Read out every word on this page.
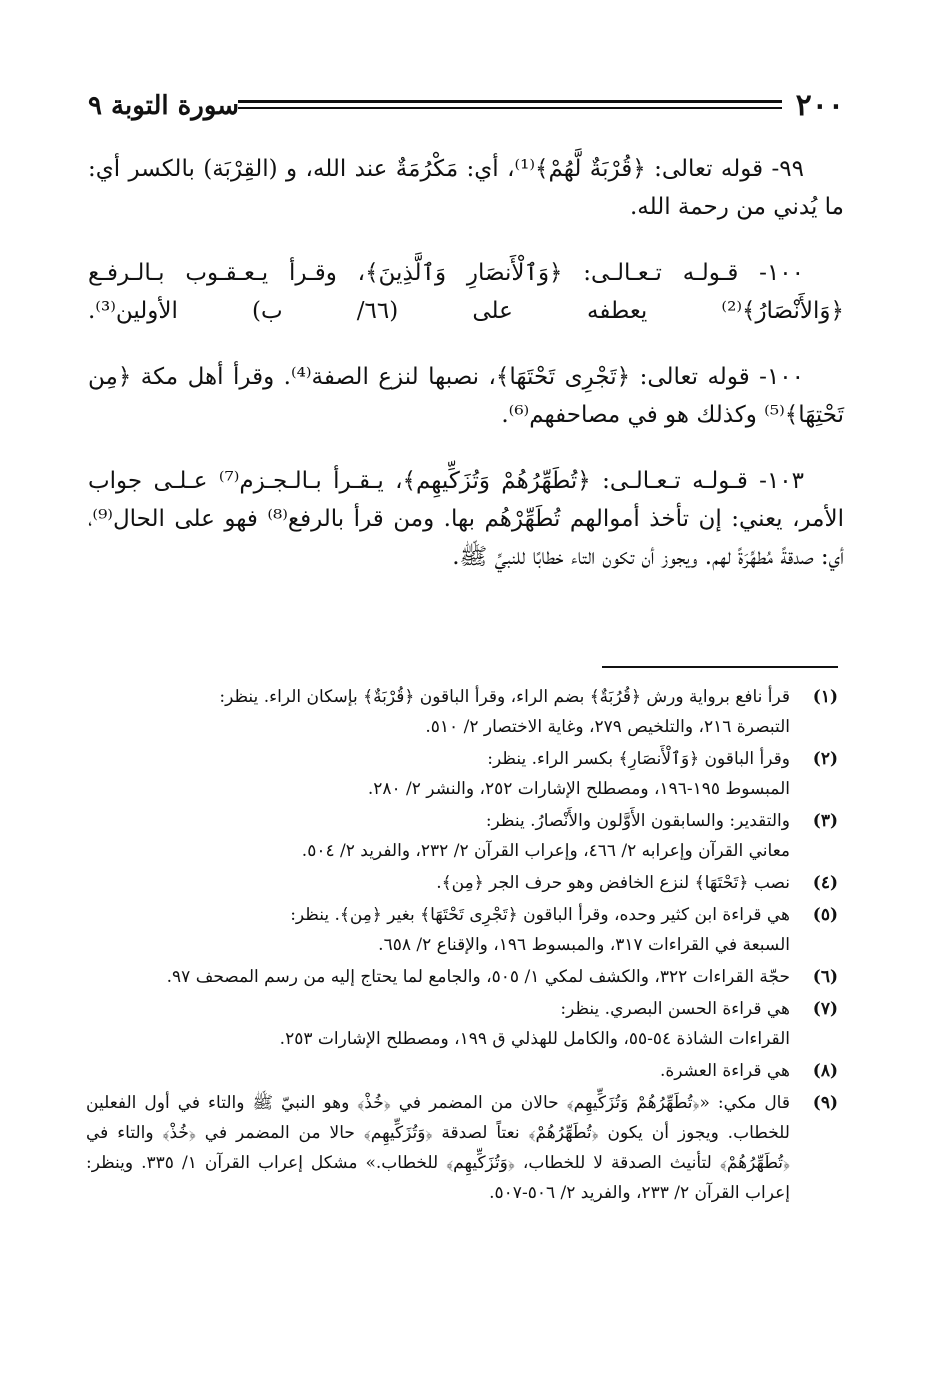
٢٠٠
سورة التوبة ٩

٩٩- قوله تعالى: ﴿قُرْبَةٌ لَّهُمْ﴾⁽¹⁾، أي: مَكْرُمَةٌ عند الله، و (القِرْبَة) بالكسر أي: ما يُدني من رحمة الله.

١٠٠- قـولـه تـعـالـى: ﴿وَٱلْأَنصَارِ وَٱلَّذِينَ﴾، وقـرأ يـعـقـوب بـالـرفـع ﴿وَالأَنْصَارُ﴾⁽²⁾ يعطفه على (٦٦/ ب) الأولين⁽³⁾.

١٠٠- قوله تعالى: ﴿تَجْرِى تَحْتَهَا﴾، نصبها لنزع الصفة⁽⁴⁾. وقرأ أهل مكة ﴿مِن تَحْتِهَا﴾⁽⁵⁾ وكذلك هو في مصاحفهم⁽⁶⁾.

١٠٣- قـولـه تـعـالـى: ﴿تُطَهِّرُهُمْ وَتُزَكِّيهِم﴾، يـقـرأ بـالـجـزم⁽⁷⁾ عـلـى جواب الأمر، يعني: إن تأخذ أموالهم تُطَهِّرْهُم بها. ومن قرأ بالرفع⁽⁸⁾ فهو على الحال⁽⁹⁾، أي: صدقةً مُطهِّرَةً لهم. ويجوز أن تكون التاء خطابًا للنبيِّ ﷺ.

(١)
قرأ نافع برواية ورش ﴿قُرُبَةٌ﴾ بضم الراء، وقرأ الباقون ﴿قُرْبَةٌ﴾ بإسكان الراء. ينظر:
التبصرة ٢١٦، والتلخيص ٢٧٩، وغاية الاختصار ٢/ ٥١٠.
(٢)
وقرأ الباقون ﴿وَٱلْأَنصَارِ﴾ بكسر الراء. ينظر:
المبسوط ١٩٥-١٩٦، ومصطلح الإشارات ٢٥٢، والنشر ٢/ ٢٨٠.
(٣)
والتقدير: والسابقون الأَوَّلون والأَنْصارُ. ينظر:
معاني القرآن وإعرابه ٢/ ٤٦٦، وإعراب القرآن ٢/ ٢٣٢، والفريد ٢/ ٥٠٤.
(٤)
نصب ﴿تَحْتَهَا﴾ لنزع الخافض وهو حرف الجر ﴿مِن﴾.
(٥)
هي قراءة ابن كثير وحده، وقرأ الباقون ﴿تَجْرِى تَحْتَهَا﴾ بغير ﴿مِن﴾. ينظر:
السبعة في القراءات ٣١٧، والمبسوط ١٩٦، والإقناع ٢/ ٦٥٨.
(٦)
حجّة القراءات ٣٢٢، والكشف لمكي ١/ ٥٠٥، والجامع لما يحتاج إليه من رسم المصحف ٩٧.
(٧)
هي قراءة الحسن البصري. ينظر:
القراءات الشاذة ٥٤-٥٥، والكامل للهذلي ق ١٩٩، ومصطلح الإشارات ٢٥٣.
(٨)
هي قراءة العشرة.
(٩)
قال مكي: «﴿تُطَهِّرُهُمْ وَتُزَكِّيهِم﴾ حالان من المضمر في ﴿خُذْ﴾ وهو النبيّ ﷺ والتاء في أول الفعلين للخطاب. ويجوز أن يكون ﴿تُطَهِّرُهُمْ﴾ نعتاً لصدقة ﴿وَتُزَكِّيهِم﴾ حالا من المضمر في ﴿خُذْ﴾ والتاء في ﴿تُطَهِّرُهُمْ﴾ لتأنيث الصدقة لا للخطاب، ﴿وَتُزَكِّيهِم﴾ للخطاب.» مشكل إعراب القرآن ١/ ٣٣٥. وينظر: إعراب القرآن ٢/ ٢٣٣، والفريد ٢/ ٥٠٦-٥٠٧.
